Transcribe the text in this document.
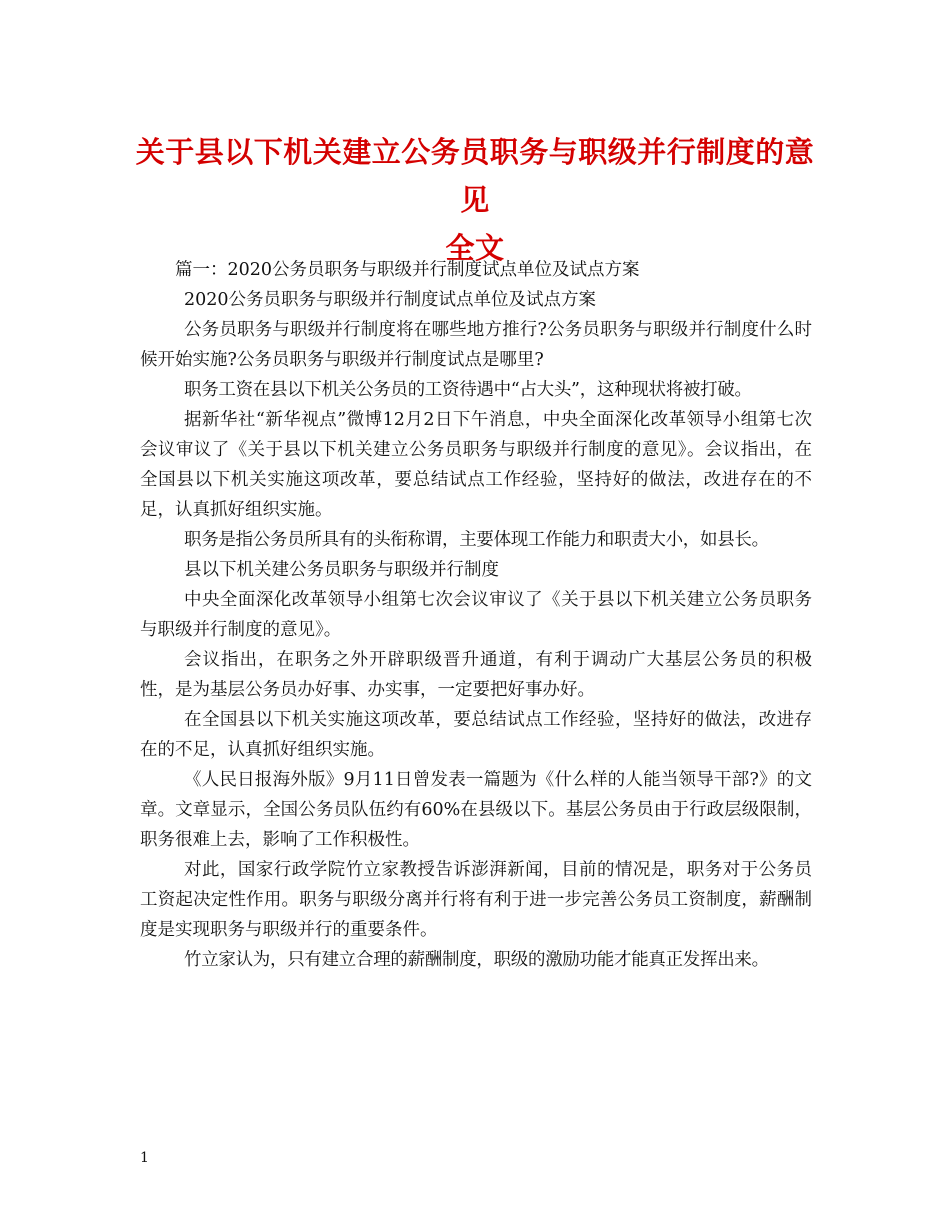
关于县以下机关建立公务员职务与职级并行制度的意见
全文

篇一：2020公务员职务与职级并行制度试点单位及试点方案

2020公务员职务与职级并行制度试点单位及试点方案

公务员职务与职级并行制度将在哪些地方推行?公务员职务与职级并行制度什么时候开始实施?公务员职务与职级并行制度试点是哪里?

职务工资在县以下机关公务员的工资待遇中“占大头”，这种现状将被打破。

据新华社“新华视点”微博12月2日下午消息，中央全面深化改革领导小组第七次会议审议了《关于县以下机关建立公务员职务与职级并行制度的意见》。会议指出，在全国县以下机关实施这项改革，要总结试点工作经验，坚持好的做法，改进存在的不足，认真抓好组织实施。

职务是指公务员所具有的头衔称谓，主要体现工作能力和职责大小，如县长。

县以下机关建公务员职务与职级并行制度

中央全面深化改革领导小组第七次会议审议了《关于县以下机关建立公务员职务与职级并行制度的意见》。

会议指出，在职务之外开辟职级晋升通道，有利于调动广大基层公务员的积极性，是为基层公务员办好事、办实事，一定要把好事办好。

在全国县以下机关实施这项改革，要总结试点工作经验，坚持好的做法，改进存在的不足，认真抓好组织实施。

《人民日报海外版》9月11日曾发表一篇题为《什么样的人能当领导干部?》的文章。文章显示，全国公务员队伍约有60%在县级以下。基层公务员由于行政层级限制，职务很难上去，影响了工作积极性。

对此，国家行政学院竹立家教授告诉澎湃新闻，目前的情况是，职务对于公务员工资起决定性作用。职务与职级分离并行将有利于进一步完善公务员工资制度，薪酬制度是实现职务与职级并行的重要条件。

竹立家认为，只有建立合理的薪酬制度，职级的激励功能才能真正发挥出来。

1
